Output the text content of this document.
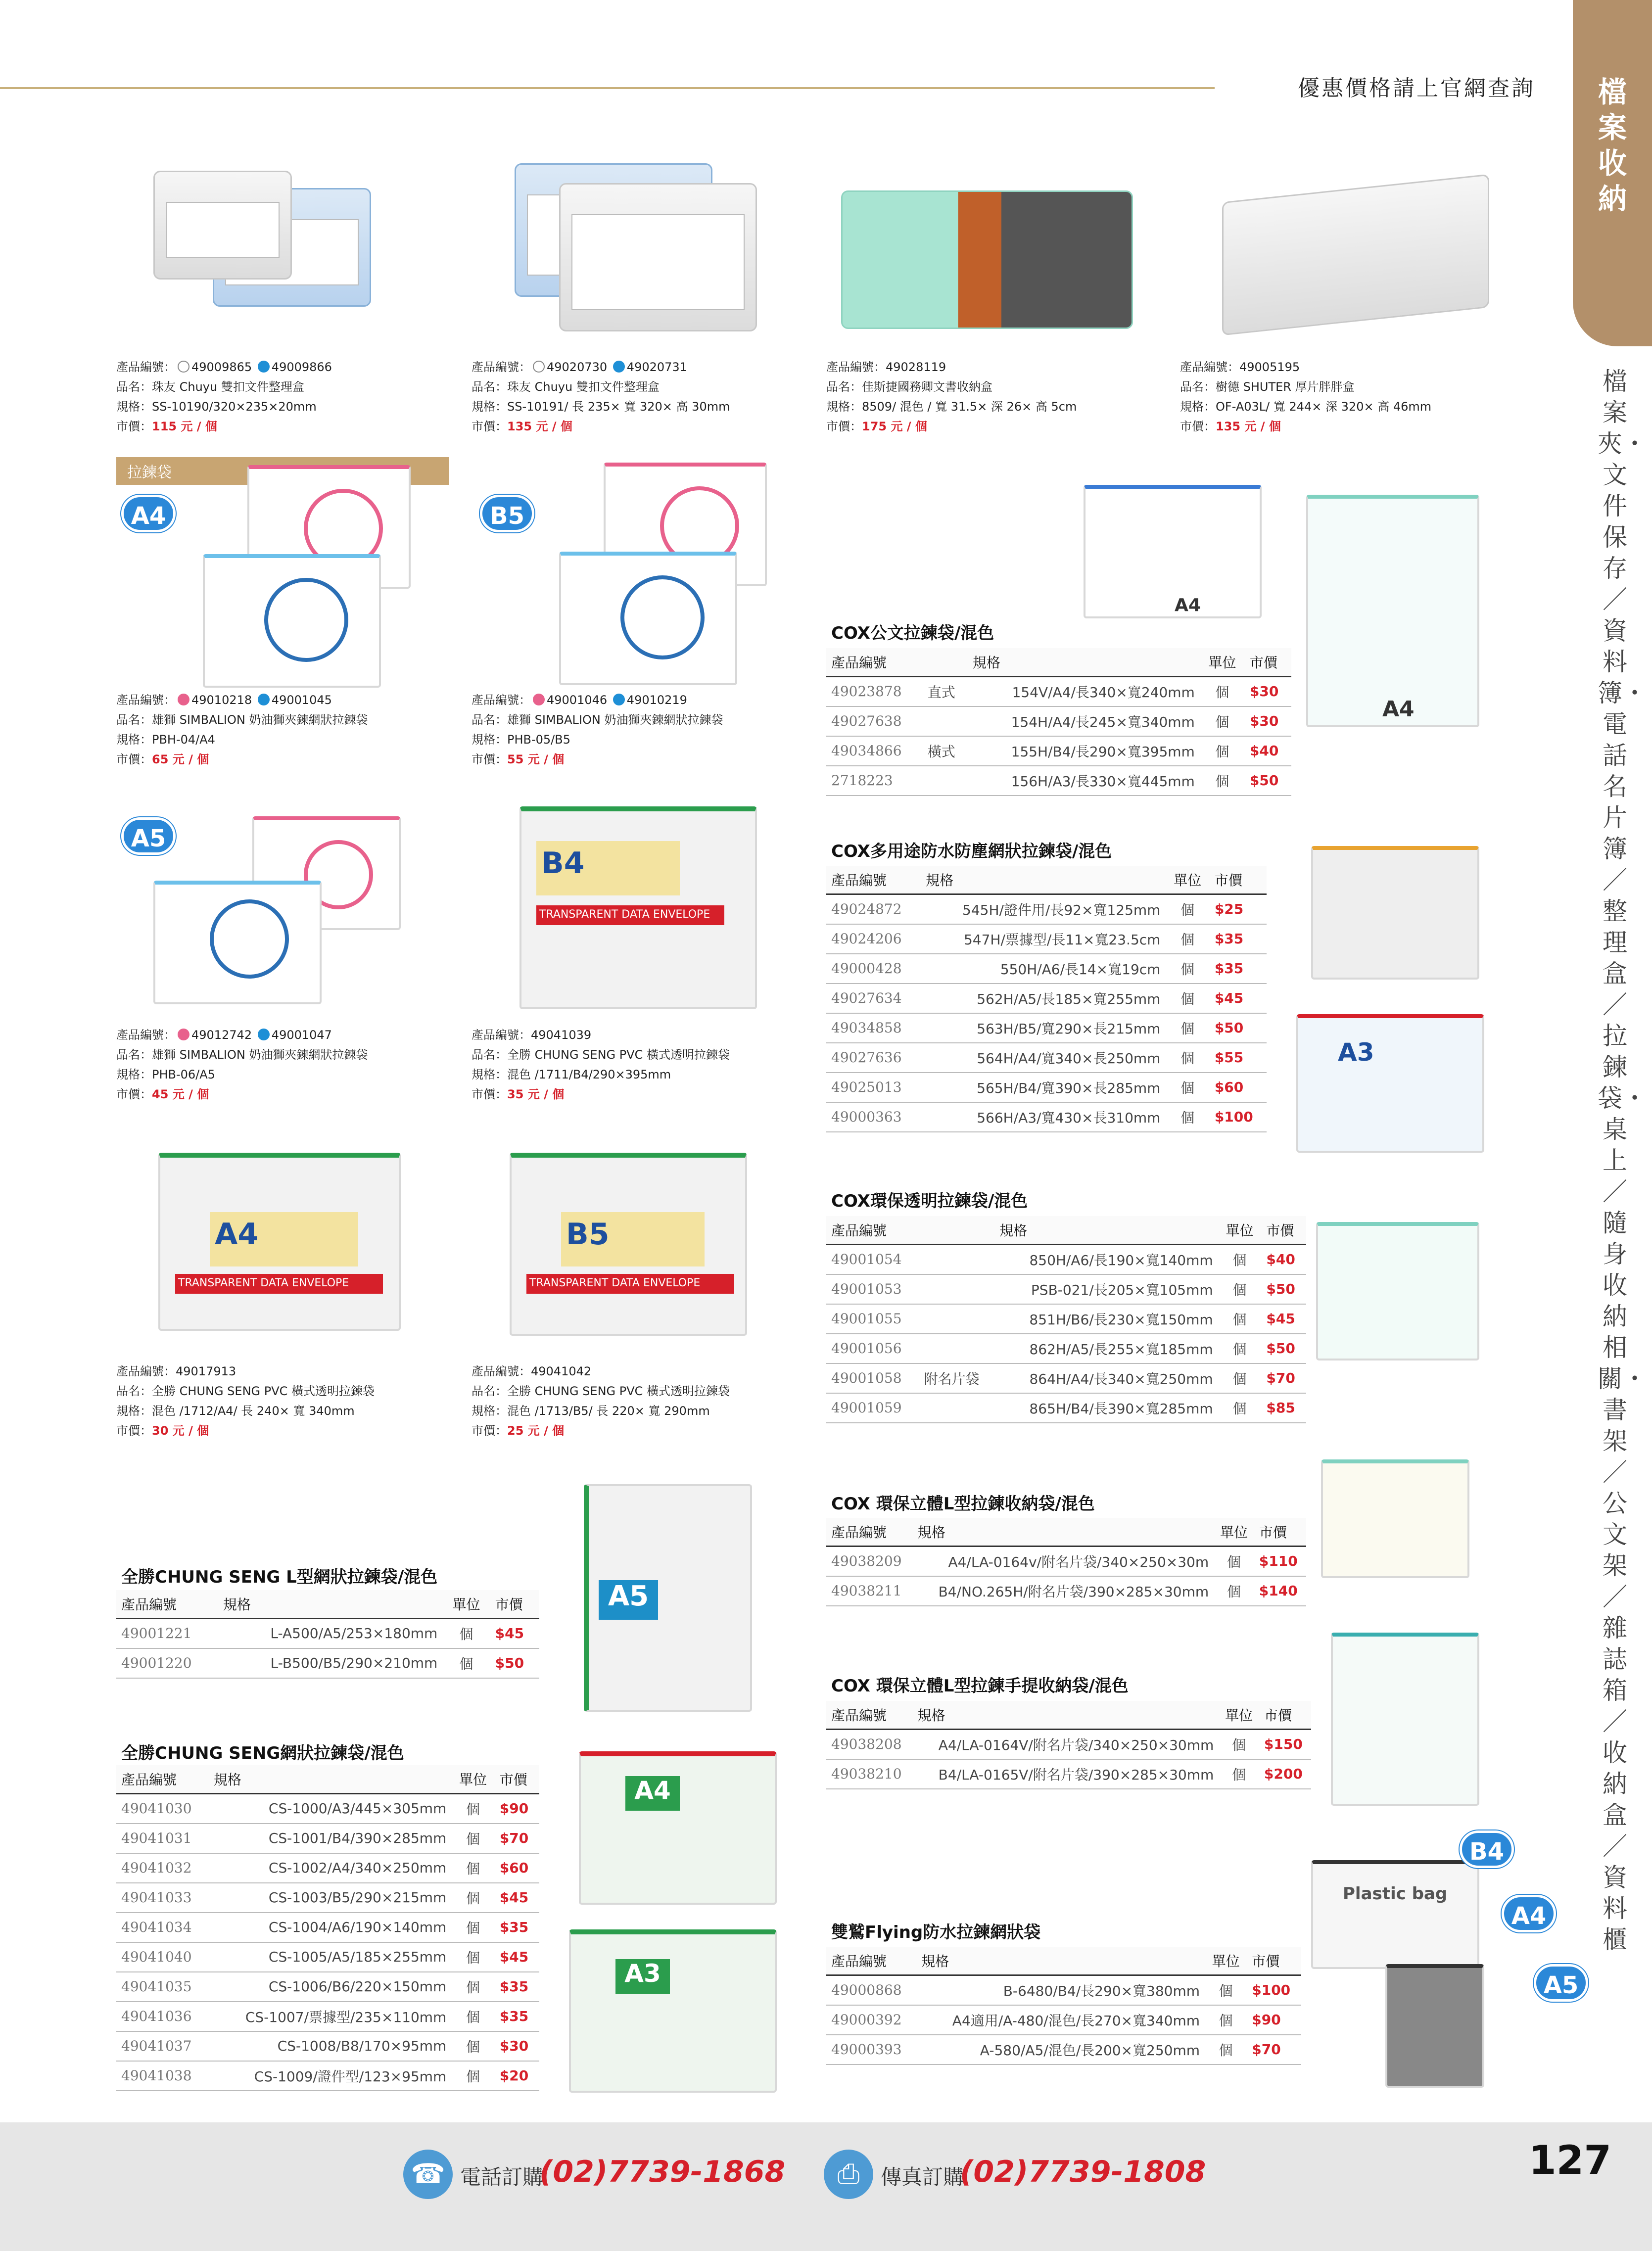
優惠價格請上官網查詢	檔案收納
檔案夾・文件保存／資料簿・電話名片簿／整理盒／拉鍊袋・桌上／隨身收納相關・書架／公文架／雜誌箱／收納盒／資料櫃
產品編號： 49009865 49009866
品名：珠友 Chuyu 雙扣文件整理盒
規格：SS-10190/320×235×20mm
市價：115 元 / 個
產品編號： 49020730 49020731
品名：珠友 Chuyu 雙扣文件整理盒
規格：SS-10191/ 長 235× 寬 320× 高 30mm
市價：135 元 / 個
產品編號：49028119
品名：佳斯捷國務卿文書收納盒
規格：8509/ 混色 / 寬 31.5× 深 26× 高 5cm
市價：175 元 / 個
產品編號：49005195
品名：樹德 SHUTER 厚片胖胖盒
規格：OF-A03L/ 寬 244× 深 320× 高 46mm
市價：135 元 / 個
拉鍊袋
A4	B5
產品編號： 49010218 49001045
品名：雄獅 SIMBALION 奶油獅夾鍊網狀拉鍊袋
規格：PBH-04/A4
市價：65 元 / 個
產品編號： 49001046 49010219
品名：雄獅 SIMBALION 奶油獅夾鍊網狀拉鍊袋
規格：PHB-05/B5
市價：55 元 / 個
A5
B4
TRANSPARENT DATA ENVELOPE
產品編號： 49012742 49001047
品名：雄獅 SIMBALION 奶油獅夾鍊網狀拉鍊袋
規格：PHB-06/A5
市價：45 元 / 個
產品編號：49041039
品名：全勝 CHUNG SENG PVC 橫式透明拉鍊袋
規格：混色 /1711/B4/290×395mm
市價：35 元 / 個
A4
TRANSPARENT DATA ENVELOPE
B5
TRANSPARENT DATA ENVELOPE
產品編號：49017913
品名：全勝 CHUNG SENG PVC 橫式透明拉鍊袋
規格：混色 /1712/A4/ 長 240× 寬 340mm
市價：30 元 / 個
產品編號：49041042
品名：全勝 CHUNG SENG PVC 橫式透明拉鍊袋
規格：混色 /1713/B5/ 長 220× 寬 290mm
市價：25 元 / 個
A5
A4
A3
A4
A4
A3
Plastic bag
B4
A4
A5
COX公文拉鍊袋/混色
產品編號		規格	單位	市價
49023878	直式	154V/A4/長340×寬240mm	個	$30
49027638		154H/A4/長245×寬340mm	個	$30
49034866	橫式	155H/B4/長290×寬395mm	個	$40
2718223		156H/A3/長330×寬445mm	個	$50
COX多用途防水防塵網狀拉鍊袋/混色
產品編號	規格	單位	市價
49024872	545H/證件用/長92×寬125mm	個	$25
49024206	547H/票據型/長11×寬23.5cm	個	$35
49000428	550H/A6/長14×寬19cm	個	$35
49027634	562H/A5/長185×寬255mm	個	$45
49034858	563H/B5/寬290×長215mm	個	$50
49027636	564H/A4/寬340×長250mm	個	$55
49025013	565H/B4/寬390×長285mm	個	$60
49000363	566H/A3/寬430×長310mm	個	$100
COX環保透明拉鍊袋/混色
產品編號		規格	單位	市價
49001054		850H/A6/長190×寬140mm	個	$40
49001053		PSB-021/長205×寬105mm	個	$50
49001055		851H/B6/長230×寬150mm	個	$45
49001056		862H/A5/長255×寬185mm	個	$50
49001058	附名片袋	864H/A4/長340×寬250mm	個	$70
49001059		865H/B4/長390×寬285mm	個	$85
COX 環保立體L型拉鍊收納袋/混色
產品編號	規格	單位	市價
49038209	A4/LA-0164v/附名片袋/340×250×30m	個	$110
49038211	B4/NO.265H/附名片袋/390×285×30mm	個	$140
COX 環保立體L型拉鍊手提收納袋/混色
產品編號	規格	單位	市價
49038208	A4/LA-0164V/附名片袋/340×250×30mm	個	$150
49038210	B4/LA-0165V/附名片袋/390×285×30mm	個	$200
雙鷲Flying防水拉鍊網狀袋
產品編號	規格	單位	市價
49000868	B-6480/B4/長290×寬380mm	個	$100
49000392	A4適用/A-480/混色/長270×寬340mm	個	$90
49000393	A-580/A5/混色/長200×寬250mm	個	$70
全勝CHUNG SENG L型網狀拉鍊袋/混色
產品編號	規格	單位	市價
49001221	L-A500/A5/253×180mm	個	$45
49001220	L-B500/B5/290×210mm	個	$50
全勝CHUNG SENG網狀拉鍊袋/混色
產品編號	規格	單位	市價
49041030	CS-1000/A3/445×305mm	個	$90
49041031	CS-1001/B4/390×285mm	個	$70
49041032	CS-1002/A4/340×250mm	個	$60
49041033	CS-1003/B5/290×215mm	個	$45
49041034	CS-1004/A6/190×140mm	個	$35
49041040	CS-1005/A5/185×255mm	個	$45
49041035	CS-1006/B6/220×150mm	個	$35
49041036	CS-1007/票據型/235×110mm	個	$35
49041037	CS-1008/B8/170×95mm	個	$30
49041038	CS-1009/證件型/123×95mm	個	$20
☎ 電話訂購
(02)7739-1868	⎙	傳真訂購
(02)7739-1808	127
